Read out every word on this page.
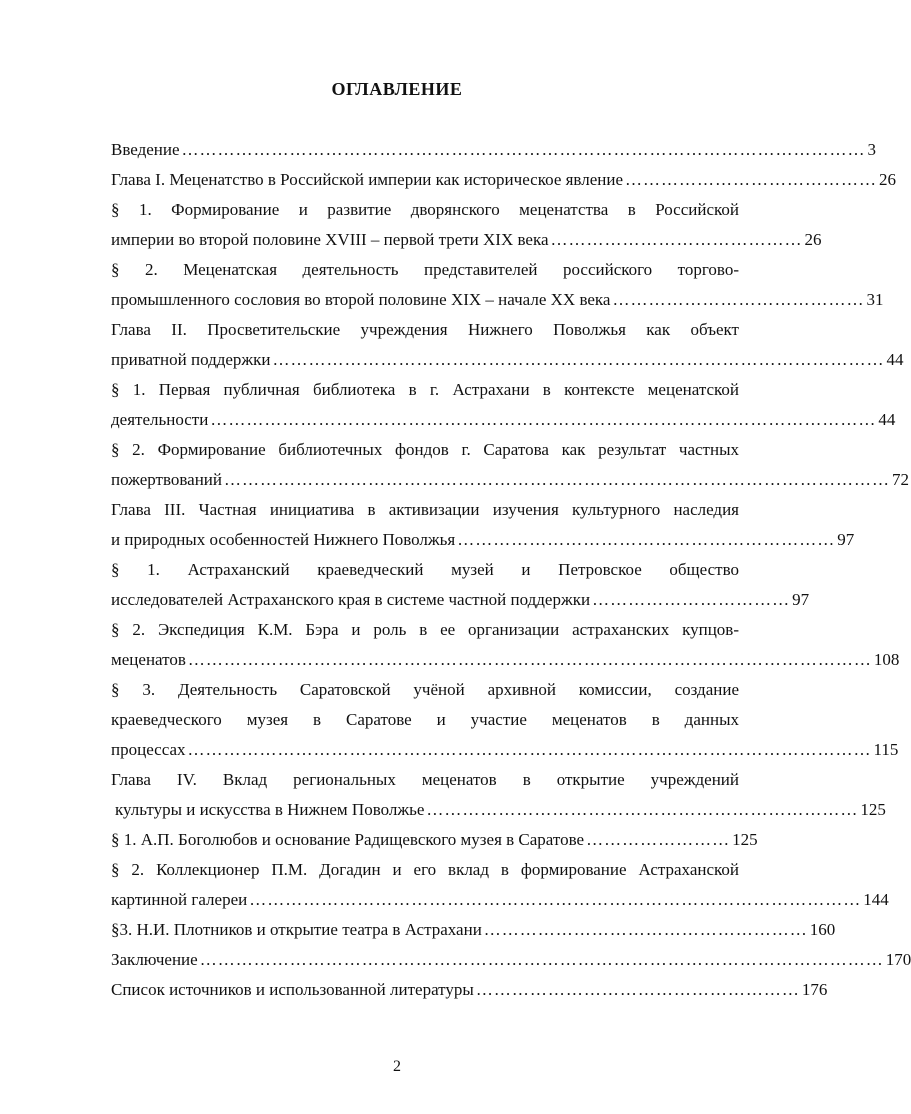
ОГЛАВЛЕНИЕ
Введение …………………………………………………………………………………………………… 3
Глава I. Меценатство в Российской империи как историческое явление …………………………………… 26
§ 1. Формирование и развитие дворянского меценатства в Российской
империи во второй половине XVIII – первой трети XIX века …………………………………… 26
§ 2. Меценатская деятельность представителей российского торгово-
промышленного сословия во второй половине XIX – начале XX века …………………………………… 31
Глава II. Просветительские учреждения Нижнего Поволжья как объект
приватной поддержки ………………………………………………………………………………………… 44
§ 1. Первая публичная библиотека в г. Астрахани в контексте меценатской
деятельности ………………………………………………………………………………………………… 44
§ 2. Формирование библиотечных фондов г. Саратова как результат частных
пожертвований ………………………………………………………………………………………………… 72
Глава III. Частная инициатива в активизации изучения культурного наследия
и природных особенностей Нижнего Поволжья ……………………………………………………… 97
§ 1. Астраханский краеведческий музей и Петровское общество
исследователей Астраханского края в системе частной поддержки …………………………… 97
§ 2. Экспедиция К.М. Бэра и роль в ее организации астраханских купцов-
меценатов …………………………………………………………………………………………………… 108
§ 3. Деятельность Саратовской учёной архивной комиссии, создание
краеведческого музея в Саратове и участие меценатов в данных
процессах …………………………………………………………………………………………………… 115
Глава IV. Вклад региональных меценатов в открытие учреждений
культуры и искусства в Нижнем Поволжье ……………………………………………………………… 125
§ 1. А.П. Боголюбов и основание Радищевского музея в Саратове …………………… 125
§ 2. Коллекционер П.М. Догадин и его вклад в формирование Астраханской
картинной галереи ………………………………………………………………………………………… 144
§3. Н.И. Плотников и открытие театра в Астрахани ……………………………………………… 160
Заключение …………………………………………………………………………………………………… 170
Список источников и использованной литературы ……………………………………………… 176
2
